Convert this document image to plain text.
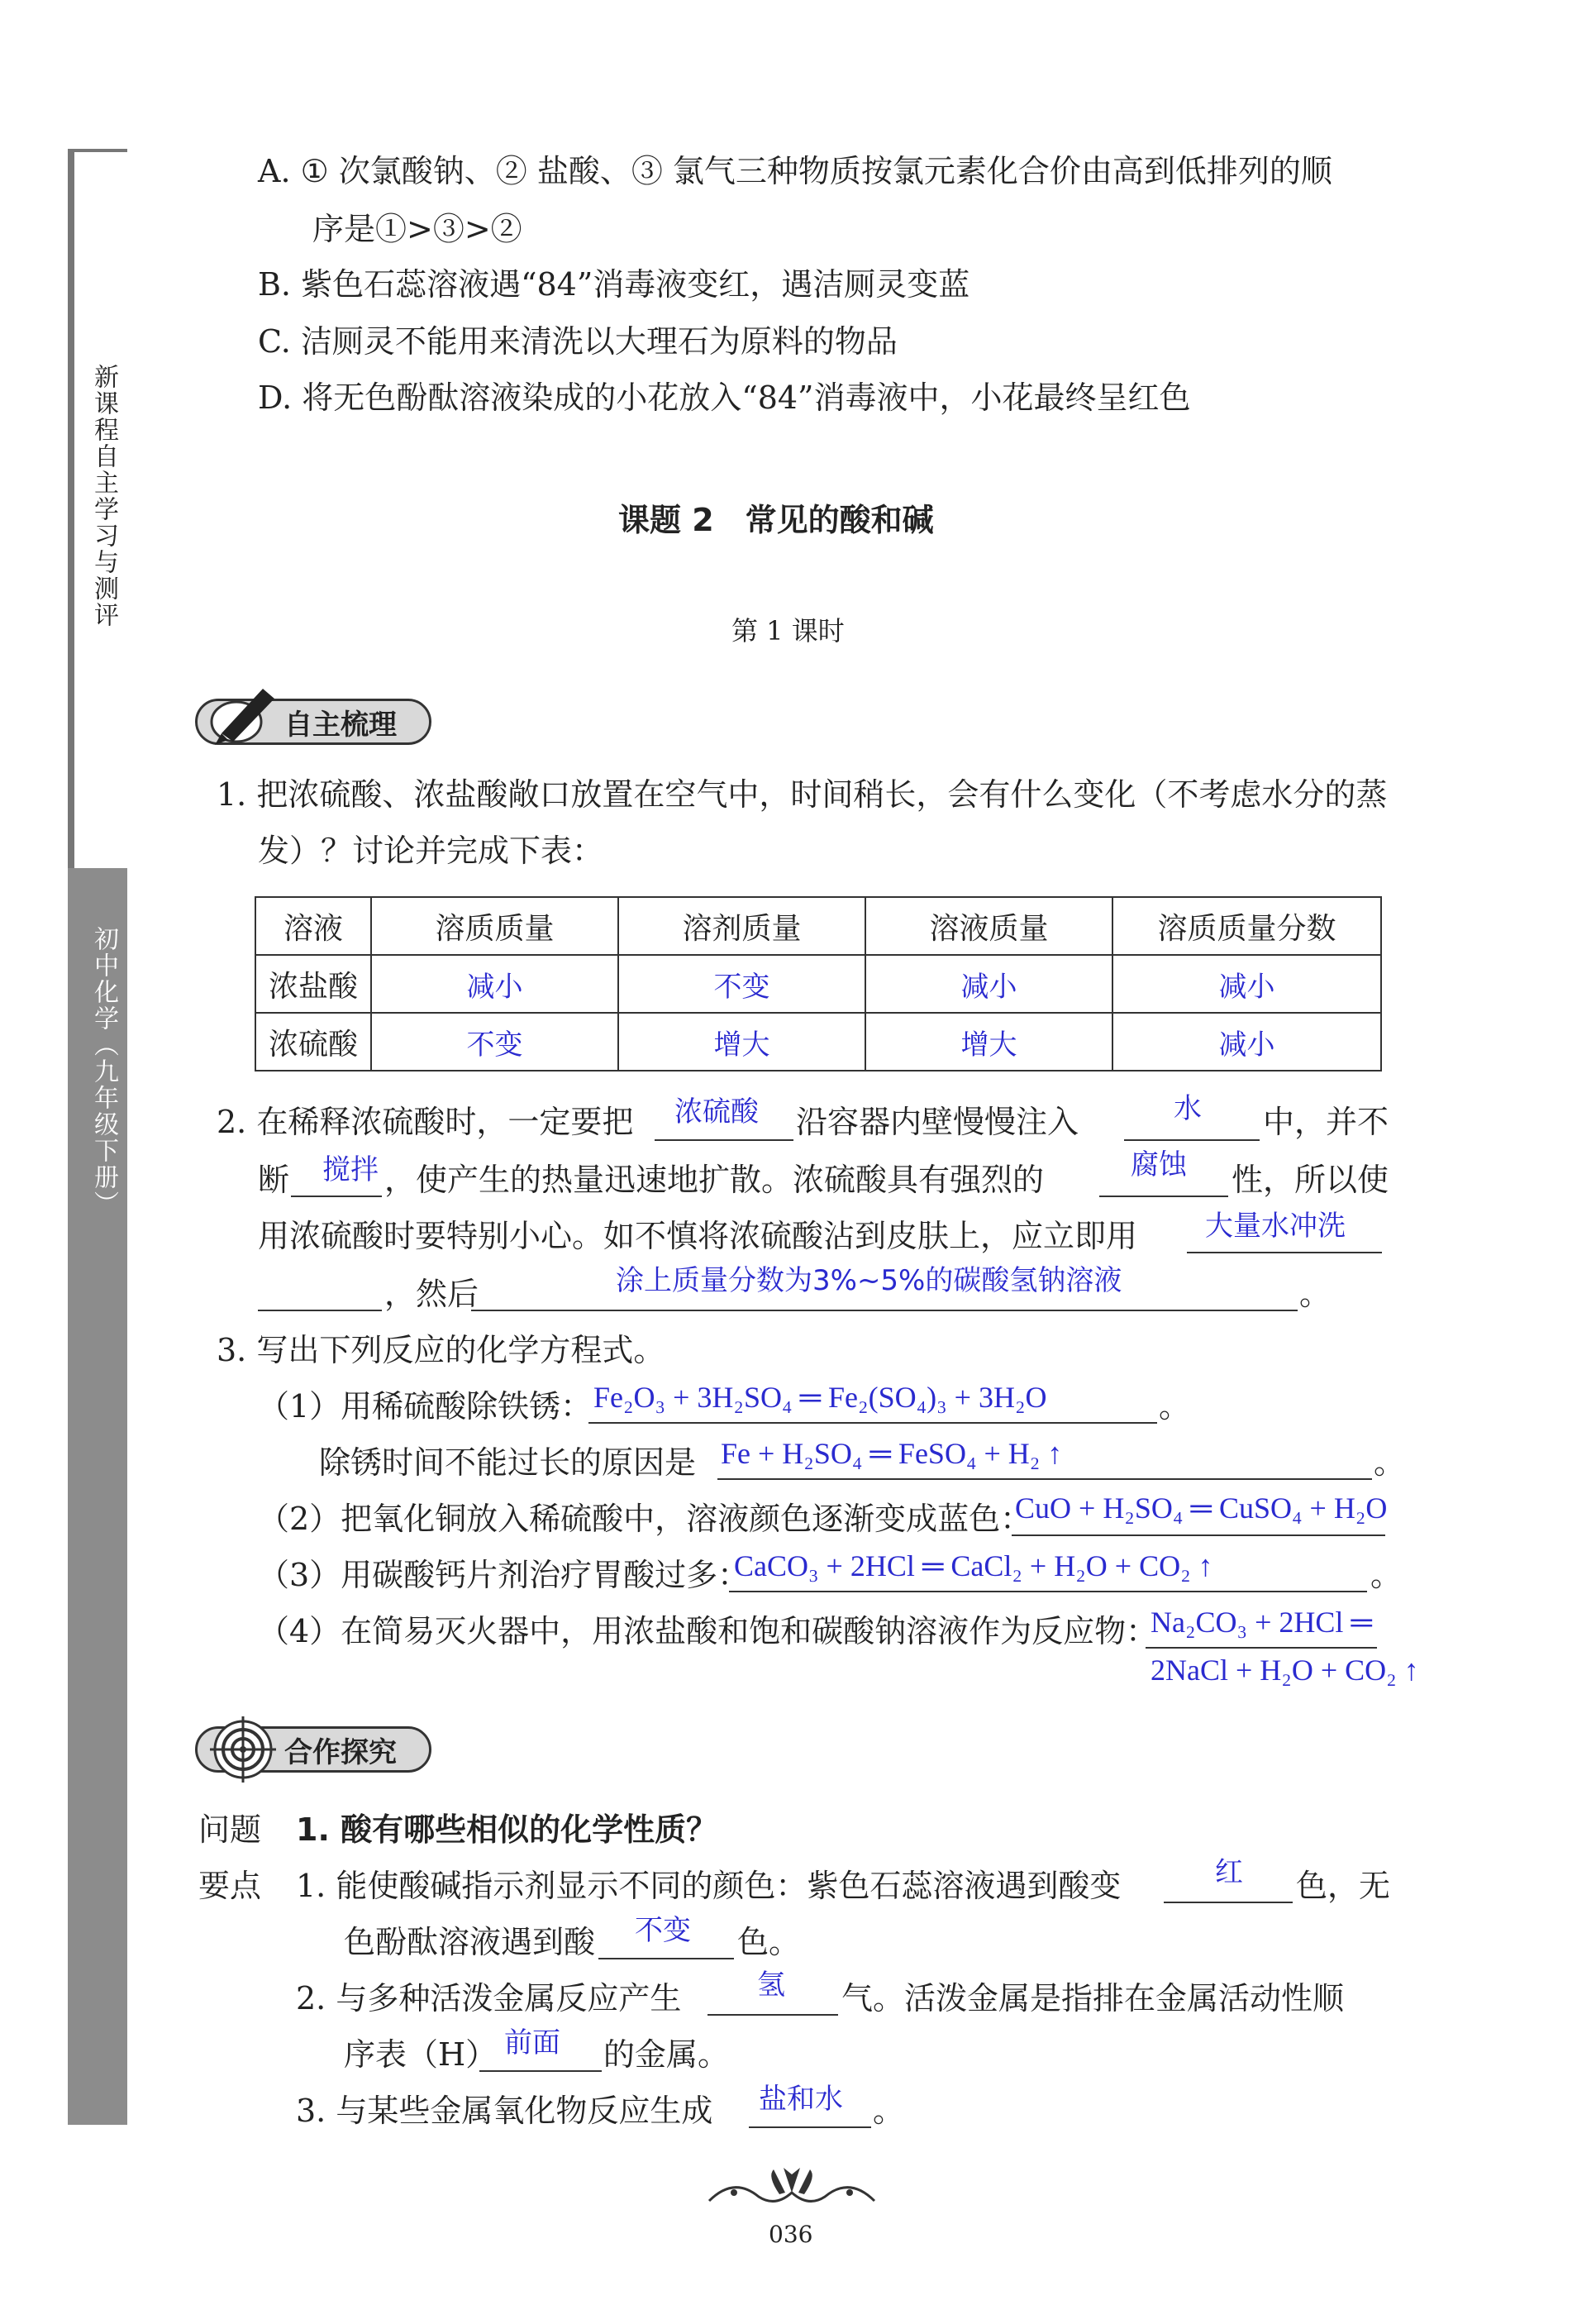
新课程自主学习与测评
初中化学（九年级下册）
A. ① 次氯酸钠、② 盐酸、③ 氯气三种物质按氯元素化合价由高到低排列的顺
序是①>③>②
B. 紫色石蕊溶液遇“84”消毒液变红，遇洁厕灵变蓝
C. 洁厕灵不能用来清洗以大理石为原料的物品
D. 将无色酚酞溶液染成的小花放入“84”消毒液中，小花最终呈红色
课题 2　常见的酸和碱
第 1 课时
自主梳理
1. 把浓硫酸、浓盐酸敞口放置在空气中，时间稍长，会有什么变化（不考虑水分的蒸
发）？讨论并完成下表：
溶液	溶质质量	溶剂质量	溶液质量	溶质质量分数
浓盐酸	减小	不变	减小	减小
浓硫酸	不变	增大	增大	减小
2. 在稀释浓硫酸时，一定要把 浓硫酸 沿容器内壁慢慢注入	水 中，并不
断 搅拌 ，使产生的热量迅速地扩散。浓硫酸具有强烈的	腐蚀 性，所以使
用浓硫酸时要特别小心。如不慎将浓硫酸沾到皮肤上，应立即用 大量水冲洗
，然后	涂上质量分数为3%~5%的碳酸氢钠溶液	。
3. 写出下列反应的化学方程式。
（1）用稀硫酸除铁锈： Fe₂O₃ + 3H₂SO₄ ═ Fe₂(SO₄)₃ + 3H₂O	。
除锈时间不能过长的原因是 Fe + H₂SO₄ ═ FeSO₄ + H₂ ↑	。
（2）把氧化铜放入稀硫酸中，溶液颜色逐渐变成蓝色：
CuO + H₂SO₄ ═ CuSO₄ + H₂O
（3）用碳酸钙片剂治疗胃酸过多：
CaCO₃ + 2HCl ═ CaCl₂ + H₂O + CO₂ ↑	。
（4）在简易灭火器中，用浓盐酸和饱和碳酸钠溶液作为反应物：
Na₂CO₃ + 2HCl ═
2NaCl + H₂O + CO₂ ↑
合作探究
问题 1. 酸有哪些相似的化学性质？
要点 1. 能使酸碱指示剂显示不同的颜色：紫色石蕊溶液遇到酸变	红 色，无
色酚酞溶液遇到酸 不变 色。
2. 与多种活泼金属反应产生	氢 气。活泼金属是指排在金属活动性顺
序表（H） 前面 的金属。
3. 与某些金属氧化物反应生成 盐和水 。
036
